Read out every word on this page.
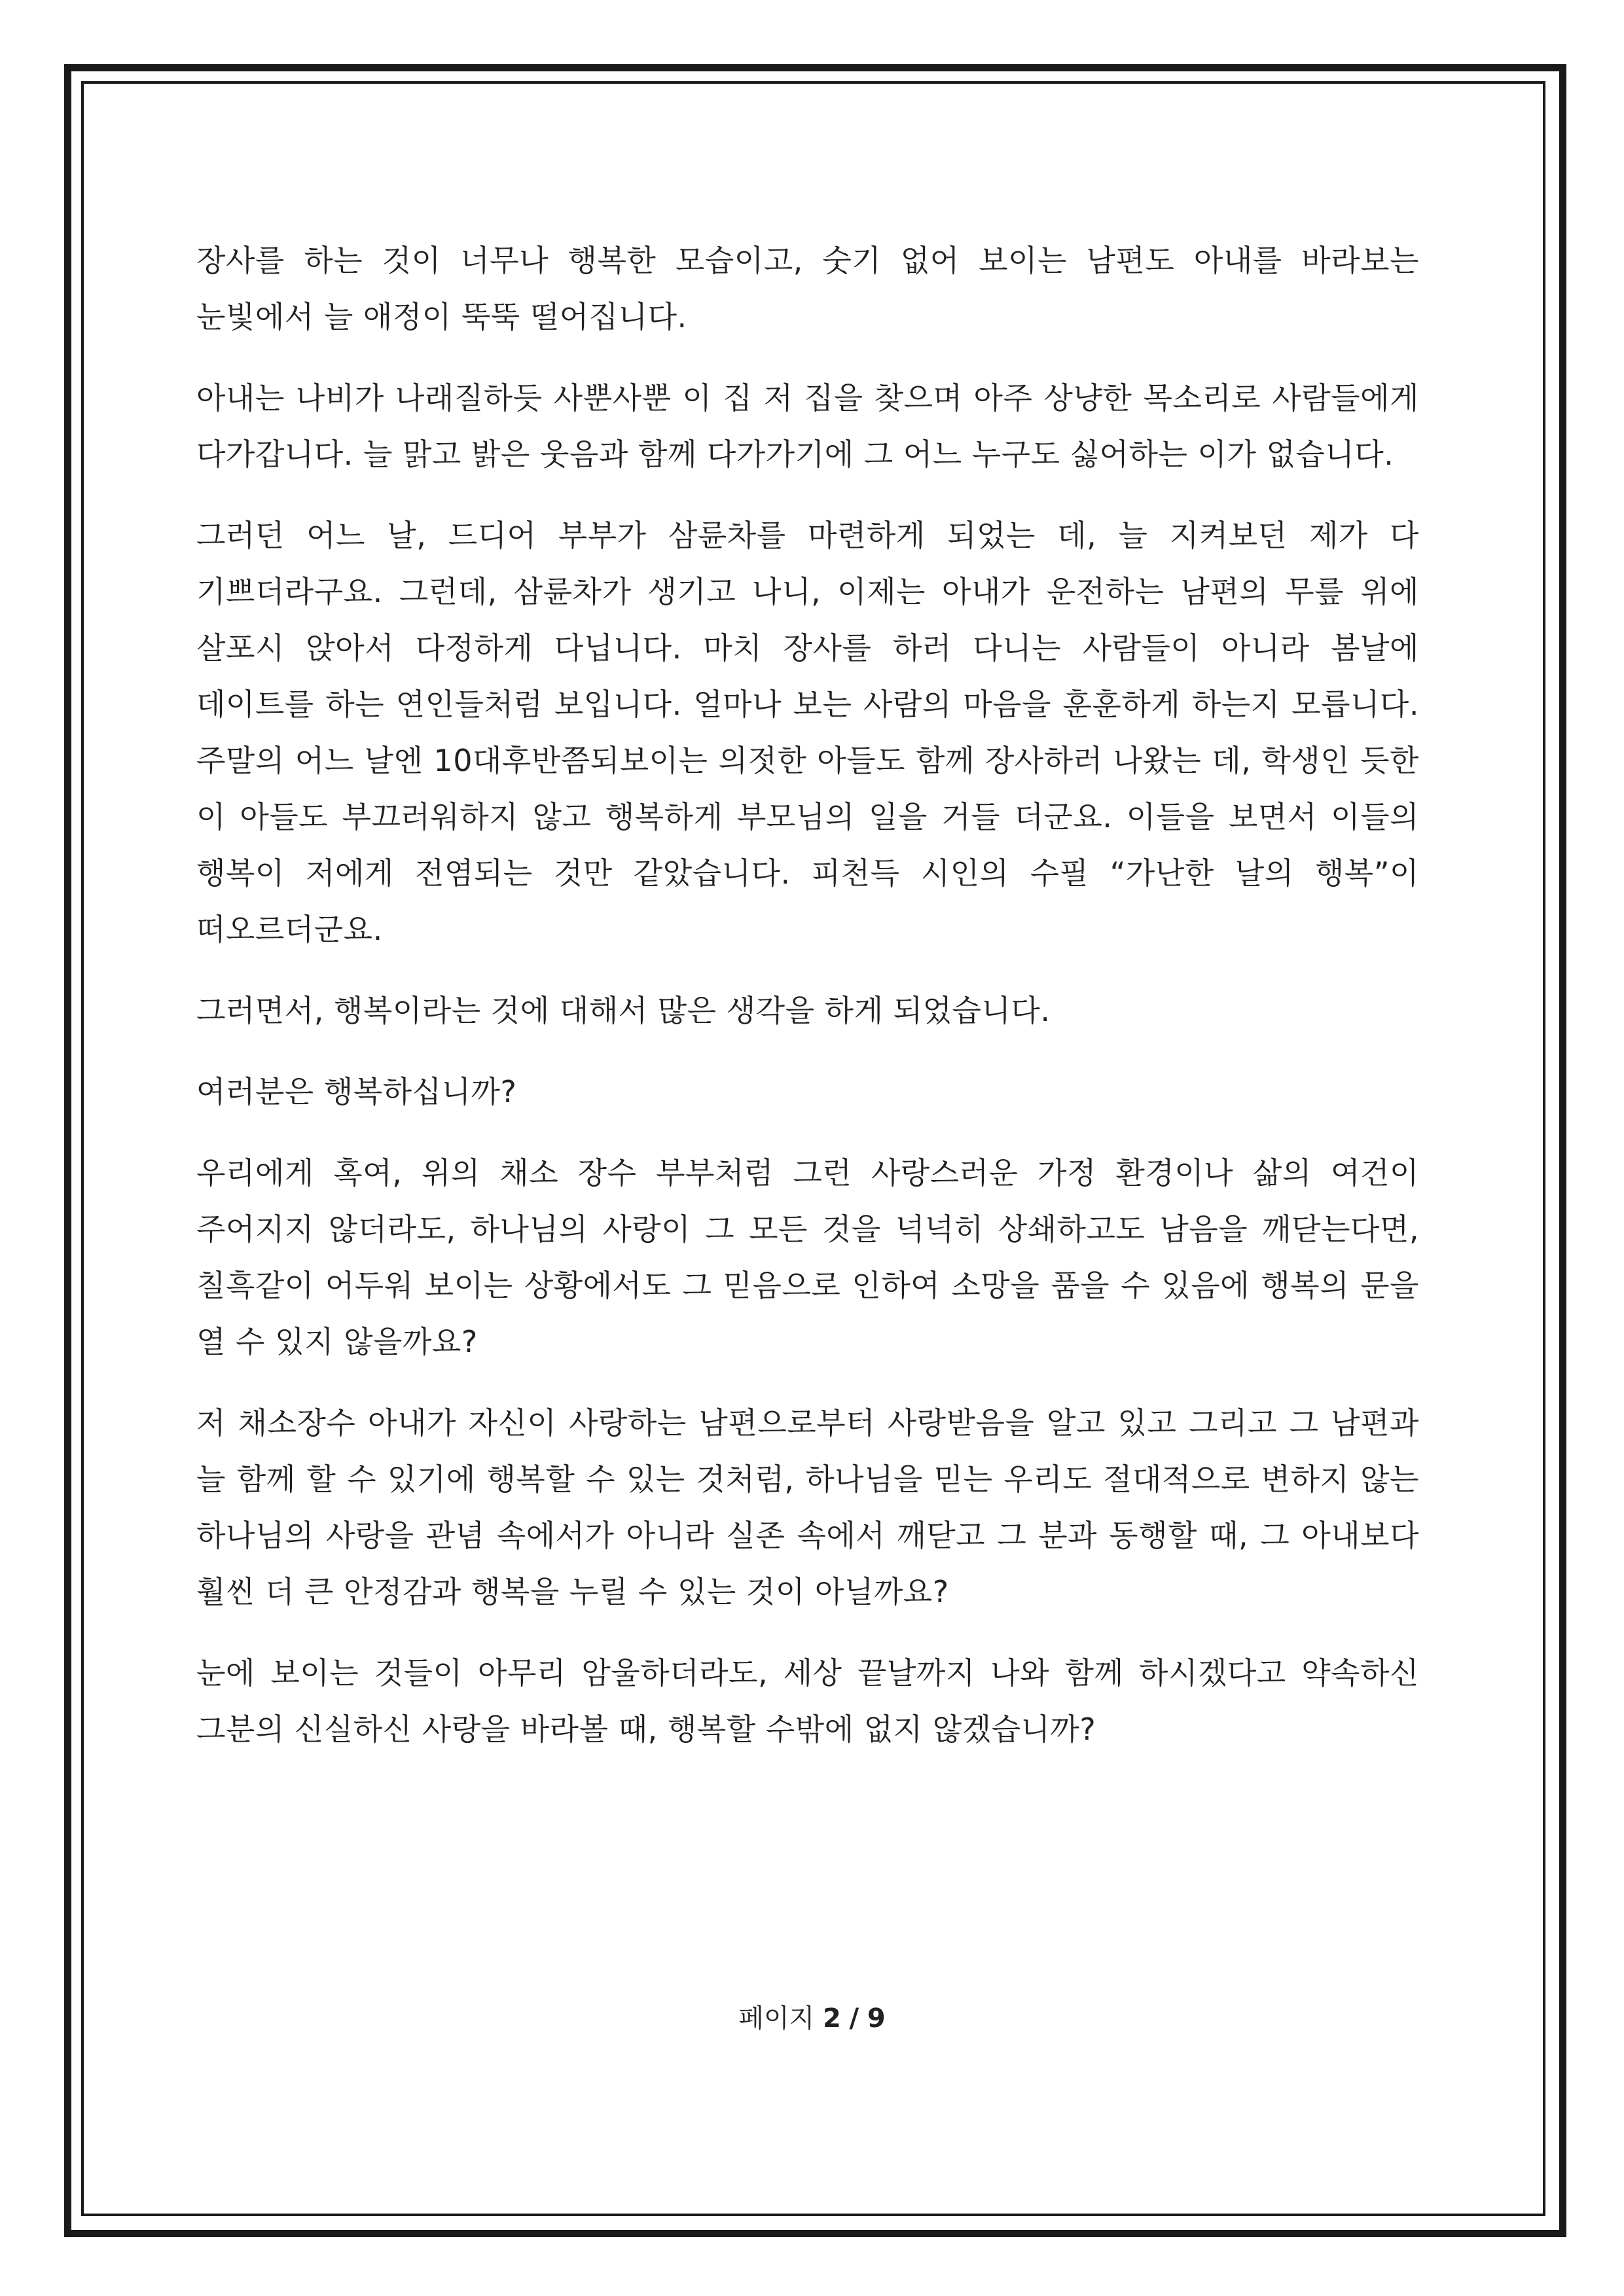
장사를 하는 것이 너무나 행복한 모습이고, 숫기 없어 보이는 남편도 아내를 바라보는 눈빛에서 늘 애정이 뚝뚝 떨어집니다.

아내는 나비가 나래질하듯 사뿐사뿐 이 집 저 집을 찾으며 아주 상냥한 목소리로 사람들에게 다가갑니다. 늘 맑고 밝은 웃음과 함께 다가가기에 그 어느 누구도 싫어하는 이가 없습니다.

그러던 어느 날, 드디어 부부가 삼륜차를 마련하게 되었는 데, 늘 지켜보던 제가 다 기쁘더라구요. 그런데, 삼륜차가 생기고 나니, 이제는 아내가 운전하는 남편의 무릎 위에 살포시 앉아서 다정하게 다닙니다. 마치 장사를 하러 다니는 사람들이 아니라 봄날에 데이트를 하는 연인들처럼 보입니다. 얼마나 보는 사람의 마음을 훈훈하게 하는지 모릅니다. 주말의 어느 날엔 10대후반쯤되보이는 의젓한 아들도 함께 장사하러 나왔는 데, 학생인 듯한 이 아들도 부끄러워하지 않고 행복하게 부모님의 일을 거들 더군요. 이들을 보면서 이들의 행복이 저에게 전염되는 것만 같았습니다. 피천득 시인의 수필 “가난한 날의 행복”이 떠오르더군요.

그러면서, 행복이라는 것에 대해서 많은 생각을 하게 되었습니다.

여러분은 행복하십니까?

우리에게 혹여, 위의 채소 장수 부부처럼 그런 사랑스러운 가정 환경이나 삶의 여건이 주어지지 않더라도, 하나님의 사랑이 그 모든 것을 넉넉히 상쇄하고도 남음을 깨닫는다면, 칠흑같이 어두워 보이는 상황에서도 그 믿음으로 인하여 소망을 품을 수 있음에 행복의 문을 열 수 있지 않을까요?

저 채소장수 아내가 자신이 사랑하는 남편으로부터 사랑받음을 알고 있고 그리고 그 남편과 늘 함께 할 수 있기에 행복할 수 있는 것처럼, 하나님을 믿는 우리도 절대적으로 변하지 않는 하나님의 사랑을 관념 속에서가 아니라 실존 속에서 깨닫고 그 분과 동행할 때, 그 아내보다 훨씬 더 큰 안정감과 행복을 누릴 수 있는 것이 아닐까요?

눈에 보이는 것들이 아무리 암울하더라도, 세상 끝날까지 나와 함께 하시겠다고 약속하신 그분의 신실하신 사랑을 바라볼 때, 행복할 수밖에 없지 않겠습니까?

페이지 2 / 9
